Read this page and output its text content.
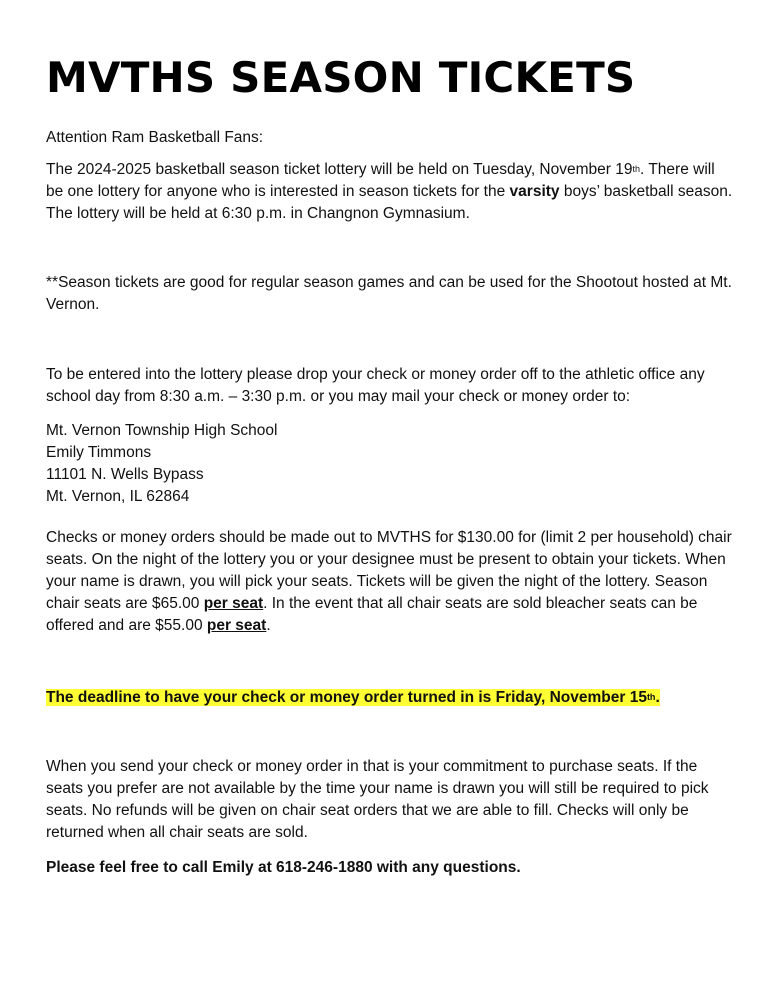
MVTHS SEASON TICKETS

Attention Ram Basketball Fans:

The 2024-2025 basketball season ticket lottery will be held on Tuesday, November 19th. There will be one lottery for anyone who is interested in season tickets for the varsity boys’ basketball season. The lottery will be held at 6:30 p.m. in Changnon Gymnasium.

**Season tickets are good for regular season games and can be used for the Shootout hosted at Mt. Vernon.

To be entered into the lottery please drop your check or money order off to the athletic office any school day from 8:30 a.m. – 3:30 p.m. or you may mail your check or money order to:

Mt. Vernon Township High School
Emily Timmons
11101 N. Wells Bypass
Mt. Vernon, IL 62864

Checks or money orders should be made out to MVTHS for $130.00 for (limit 2 per household) chair seats. On the night of the lottery you or your designee must be present to obtain your tickets. When your name is drawn, you will pick your seats. Tickets will be given the night of the lottery. Season chair seats are $65.00 per seat. In the event that all chair seats are sold bleacher seats can be offered and are $55.00 per seat.

The deadline to have your check or money order turned in is Friday, November 15th.

When you send your check or money order in that is your commitment to purchase seats. If the seats you prefer are not available by the time your name is drawn you will still be required to pick seats. No refunds will be given on chair seat orders that we are able to fill. Checks will only be returned when all chair seats are sold.

Please feel free to call Emily at 618-246-1880 with any questions.
